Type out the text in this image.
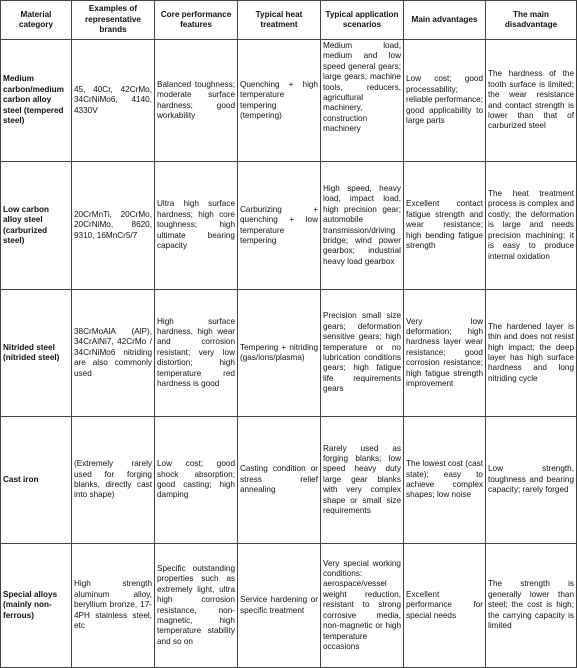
Material category	Examples of representative brands	Core performance features	Typical heat treatment	Typical application scenarios	Main advantages	The main disadvantage
Medium carbon/medium carbon alloy steel (tempered steel)	45, 40Cr, 42CrMo, 34CrNiMo6, 4140, 4330V	Balanced toughness; moderate surface hardness; good workability	Quenching + high temperature tempering (tempering)	Medium load, medium and low speed general gears; large gears; machine tools, reducers, agricultural machinery, construction machinery	Low cost; good processability; reliable performance; good applicability to large parts	The hardness of the tooth surface is limited; the wear resistance and contact strength is lower than that of carburized steel
Low carbon alloy steel (carburized steel)	20CrMnTi, 20CrMo, 20CrNiMo, 8620, 9310, 16MnCr5/7	Ultra high surface hardness; high core toughness; high ultimate bearing capacity	Carburizing + quenching + low temperature tempering	High speed, heavy load, impact load, high precision gear; automobile transmission/driving bridge; wind power gearbox; industrial heavy load gearbox	Excellent contact fatigue strength and wear resistance; high bending fatigue strength	The heat treatment process is complex and costly; the deformation is large and needs precision machining; it is easy to produce internal oxidation
Nitrided steel (nitrided steel)	38CrMoAlA (AlP), 34CrAlNi7, 42CrMo / 34CrNiMo6 nitriding are also commonly used	High surface hardness, high wear and corrosion resistant; very low distortion; high temperature red hardness is good	Tempering + nitriding (gas/ions/plasma)	Precision small size gears; deformation sensitive gears; high temperature or no lubrication conditions gears; high fatigue life requirements gears	Very low deformation; high hardness layer wear resistance; good corrosion resistance; high fatigue strength improvement	The hardened layer is thin and does not resist high impact; the deep layer has high surface hardness and long nitriding cycle
Cast iron	(Extremely rarely used for forging blanks, directly cast into shape)	Low cost; good shock absorption; good casting; high damping	Casting condition or stress relief annealing	Rarely used as forging blanks; low speed heavy duty large gear blanks with very complex shape or small size requirements	The lowest cost (cast state); easy to achieve complex shapes; low noise	Low strength, toughness and bearing capacity; rarely forged
Special alloys (mainly non-ferrous)	High strength aluminum alloy, beryllium bronze, 17-4PH stainless steel, etc	Specific outstanding properties such as extremely light, ultra high corrosion resistance, non-magnetic, high temperature stability and so on	Service hardening or specific treatment	Very special working conditions: aerospace/vessel weight reduction, resistant to strong corrosive media, non-magnetic or high temperature occasions	Excellent performance for special needs	The strength is generally lower than steel; the cost is high; the carrying capacity is limited
